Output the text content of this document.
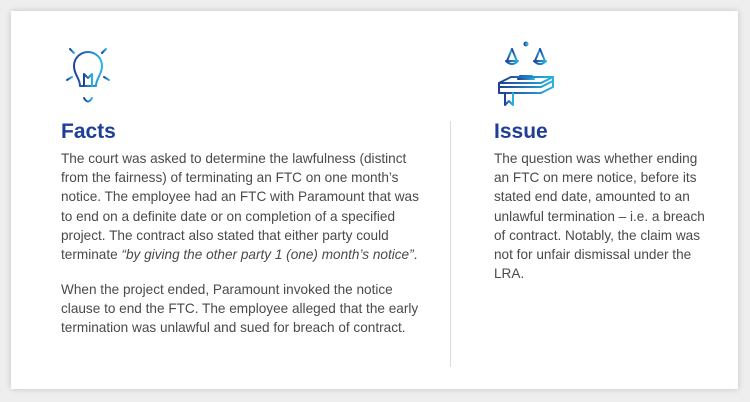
Facts

The court was asked to determine the lawfulness (distinct from the fairness) of terminating an FTC on one month’s notice. The employee had an FTC with Paramount that was to end on a definite date or on completion of a specified project. The contract also stated that either party could terminate “by giving the other party 1 (one) month’s notice”.

When the project ended, Paramount invoked the notice clause to end the FTC. The employee alleged that the early termination was unlawful and sued for breach of contract.

Issue

The question was whether ending an FTC on mere notice, before its stated end date, amounted to an unlawful termination – i.e. a breach of contract. Notably, the claim was not for unfair dismissal under the LRA.
